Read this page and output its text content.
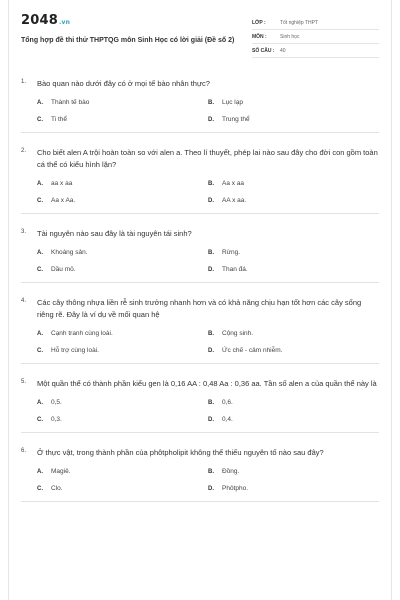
2048.vn
Tổng hợp đề thi thử THPTQG môn Sinh Học có lời giải (Đề số 2)
LỚP :	Tốt nghiệp THPT
MÔN :	Sinh học
SỐ CÂU :	40
1.	Bào quan nào dưới đây có ở mọi tế bào nhân thực?
A.	Thành tế bào	B.	Lục lạp
C.	Ti thể	D.	Trung thể
2.	Cho biết alen A trội hoàn toàn so với alen a. Theo lí thuyết, phép lai nào sau đây cho đời con gồm toàn cá thể có kiểu hình lặn?
A.	aa x aa	B.	Aa x aa
C.	Aa x Aa.	D.	AA x aa.
3.	Tài nguyên nào sau đây là tài nguyên tái sinh?
A.	Khoáng sản.	B.	Rừng.
C.	Dầu mỏ.	D.	Than đá.
4.	Các cây thông nhựa liền rễ sinh trưởng nhanh hơn và có khả năng chịu hạn tốt hơn các cây sống riêng rẽ. Đây là ví dụ về mối quan hệ
A.	Cạnh tranh cùng loài.	B.	Cộng sinh.
C.	Hỗ trợ cùng loài.	D.	Ức chế - cảm nhiễm.
5.	Một quần thể có thành phần kiểu gen là 0,16 AA : 0,48 Aa : 0,36 aa. Tần số alen a của quần thể này là
A.	0,5.	B.	0,6.
C.	0,3.	D.	0,4.
6.	Ở thực vật, trong thành phần của phôtpholipit không thể thiếu nguyên tố nào sau đây?
A.	Magiê.	B.	Đồng.
C.	Clo.	D.	Phôtpho.
